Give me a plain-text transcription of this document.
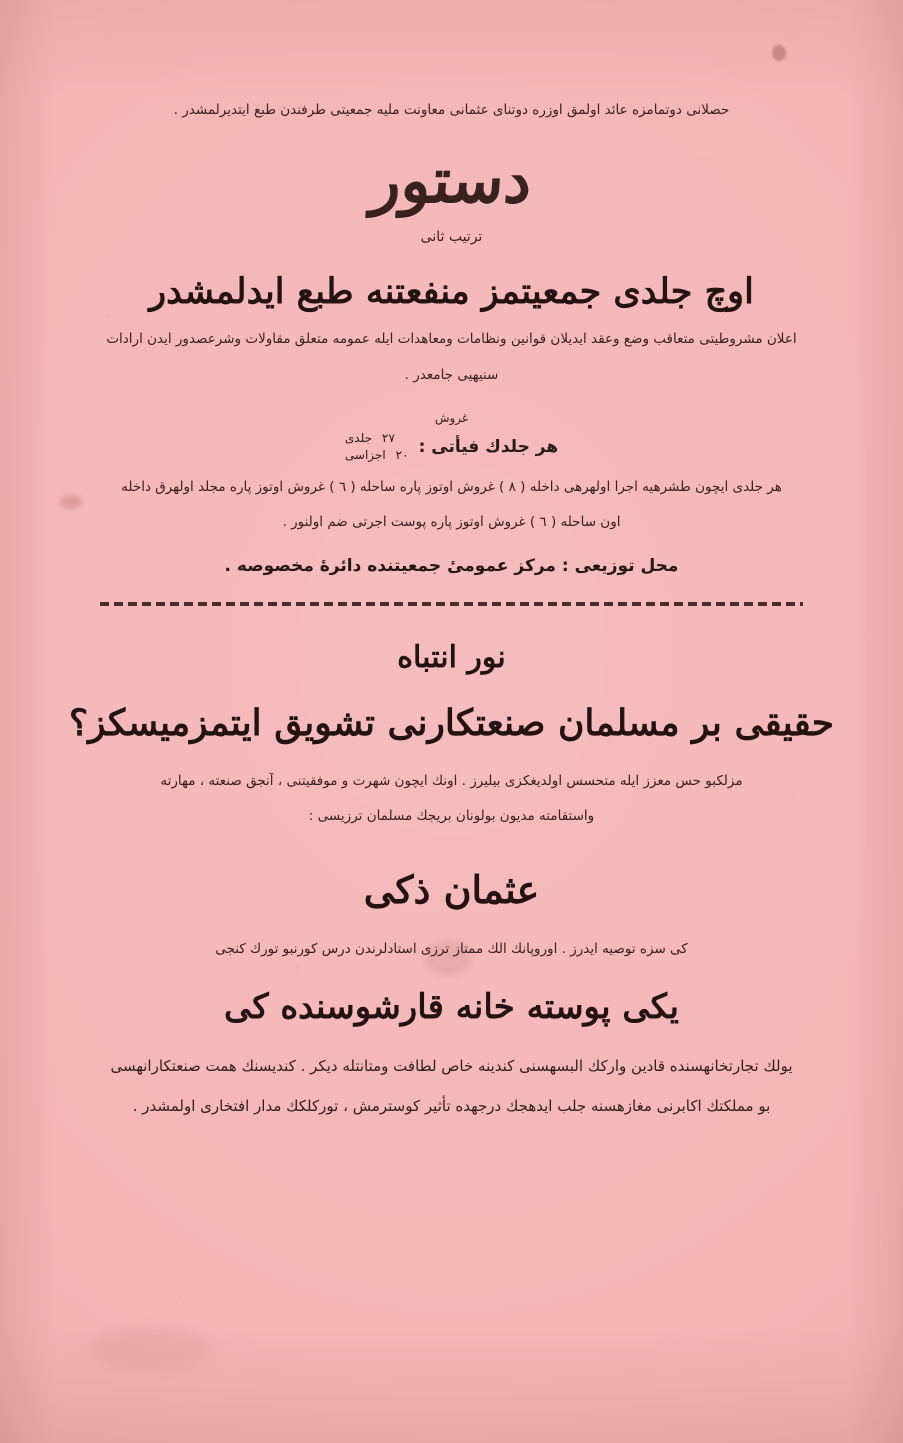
حصلانی دوتمامزه عائد اولمق اوزره دوتنای عثمانی معاونت ملیه جمعیتی طرفندن طبع ایتدیرلمشدر .
دستور
ترتیب ثانی
اوچ جلدی جمعیتمز منفعتنه طبع ایدلمشدر
اعلان مشروطیتی متعاقب وضع وعقد ایدیلان قوانین ونظامات ومعاهدات ایله عمومه متعلق مقاولات وشرعصدور ایدن ارادات
سنیهیی جامعدر .
غروش
هر جلدك فیأتی :
٢٧
جلدی
٢٠
اجزاسی
هر جلدی ایچون طشرهیه اجرا اولهرهی داخله ( ٨ ) غروش اوتوز پاره ساحله ( ٦ ) غروش اوتوز پاره مجلد اولهرق داخله
اون ساحله ( ٦ ) غروش اوتوز پاره پوست اجرتی ضم اولنور .
محل توزیعی : مركز عمومیٔ جمعیتنده دائرهٔ مخصوصه .
نور انتباه
حقیقی بر مسلمان صنعتکارنی تشویق ایتمزمیسکز؟
مزلكبو حس معزز ایله متحسس اولدیغکزی بیلیرز . اونك ایچون شهرت و موفقیتنی ، آنجق صنعته ، مهارته
واستقامته مدیون بولونان بریجك مسلمان ترزیسی :
عثمان ذکی
کی سزه توصیه ایدرز . اوروپانك الك ممتاز ترزی استادلرندن درس کورنبو تورك کنجی
یکی پوسته خانه قارشوسنده کی
یولك تجارتخانهسنده قادین وارکك البسهسنی کندینه خاص لطافت ومتانتله دیکر . کندیسنك همت صنعتکارانهسی
بو مملکتك اکابرنی مغازهسنه جلب ایدهجك درجهده تأثیر کوسترمش ، تورکلکك مدار افتخاری اولمشدر .
